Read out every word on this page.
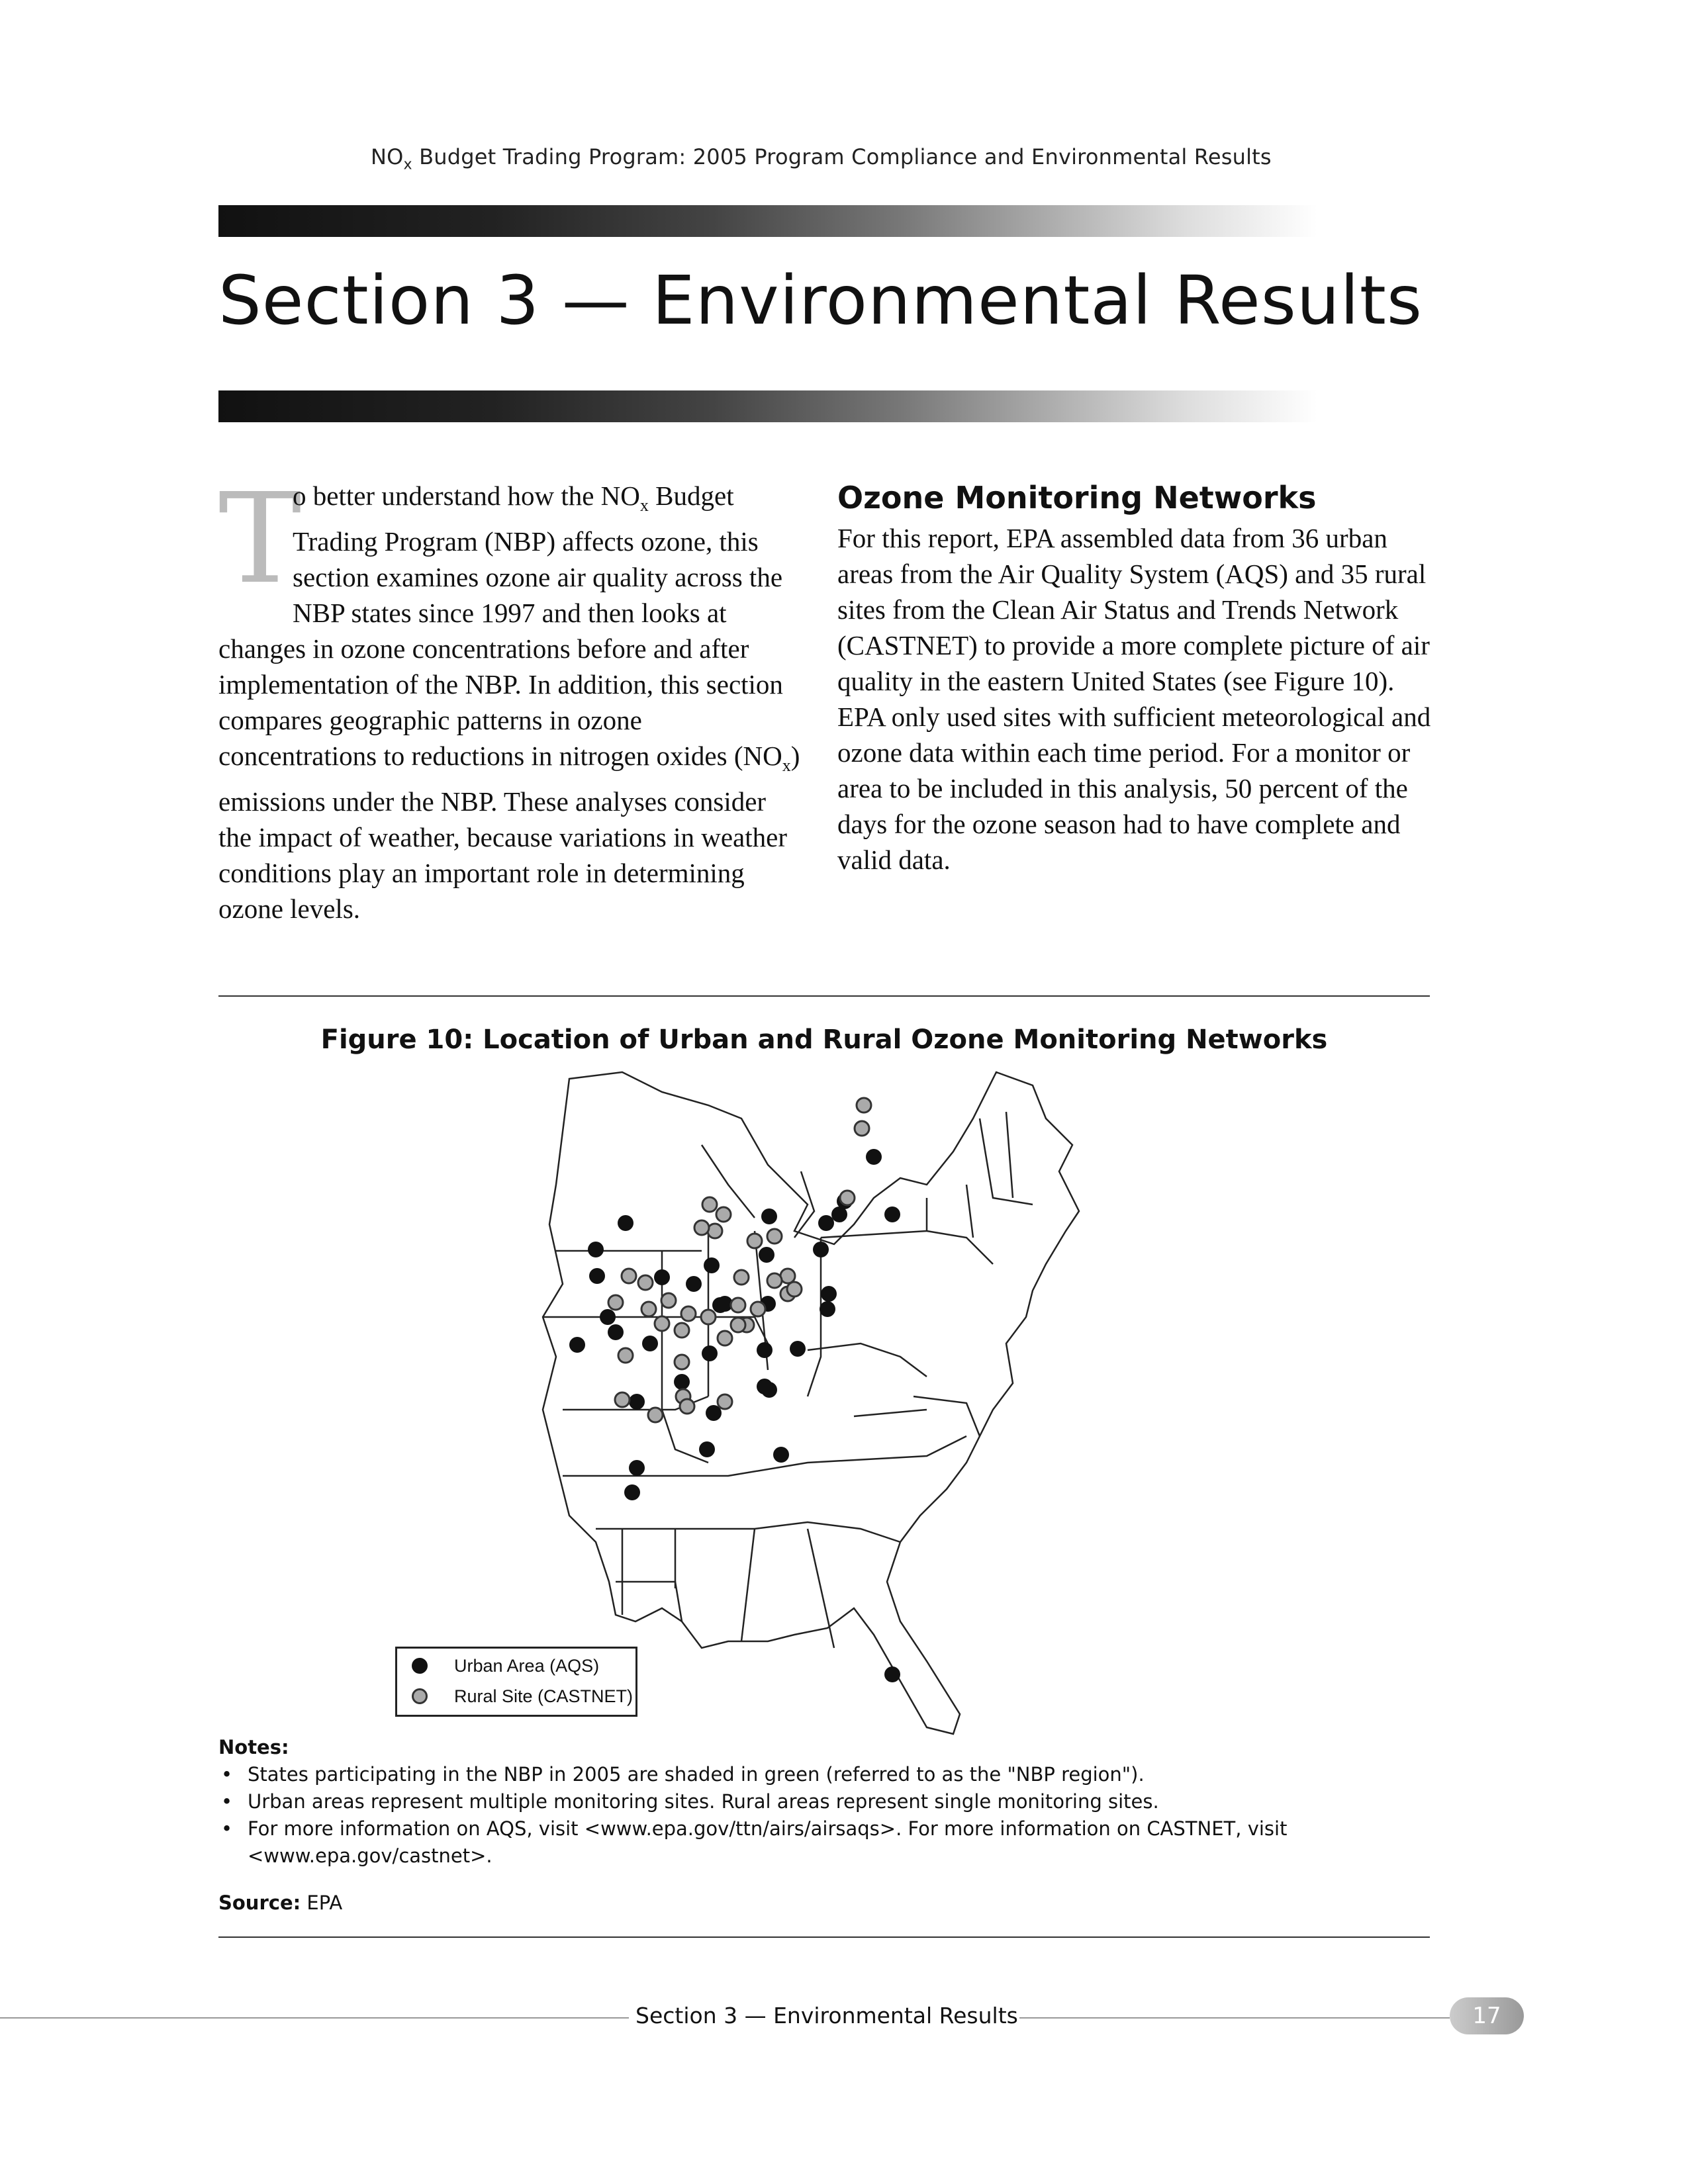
$NO_x$ Budget Trading Program: 2005 Program Compliance and Environmental Results
Section 3 — Environmental Results
T
o better understand how the $NO_x$ Budget Trading Program (NBP) affects ozone, this section examines ozone air quality across the NBP states since 1997 and then looks at changes in ozone concentrations before and after implementation of the NBP. In addition, this section compares geographic patterns in ozone concentrations to reductions in nitrogen oxides $(NO_x)$ emissions under the NBP. These analyses consider the impact of weather, because variations in weather conditions play an important role in determining ozone levels.
Ozone Monitoring Networks
For this report, EPA assembled data from 36 urban areas from the Air Quality System (AQS) and 35 rural sites from the Clean Air Status and Trends Network (CASTNET) to provide a more complete picture of air quality in the eastern United States (see Figure 10). EPA only used sites with sufficient meteorological and ozone data within each time period. For a monitor or area to be included in this analysis, 50 percent of the days for the ozone season had to have complete and valid data.
Figure 10: Location of Urban and Rural Ozone Monitoring Networks
Urban Area (AQS)
Rural Site (CASTNET)
Notes:
• States participating in the NBP in 2005 are shaded in green (referred to as the "NBP region").
• Urban areas represent multiple monitoring sites. Rural areas represent single monitoring sites.
• For more information on AQS, visit <www.epa.gov/ttn/airs/airsaqs>. For more information on CASTNET, visit <www.epa.gov/castnet>.
Source: EPA
Section 3 — Environmental Results	17
